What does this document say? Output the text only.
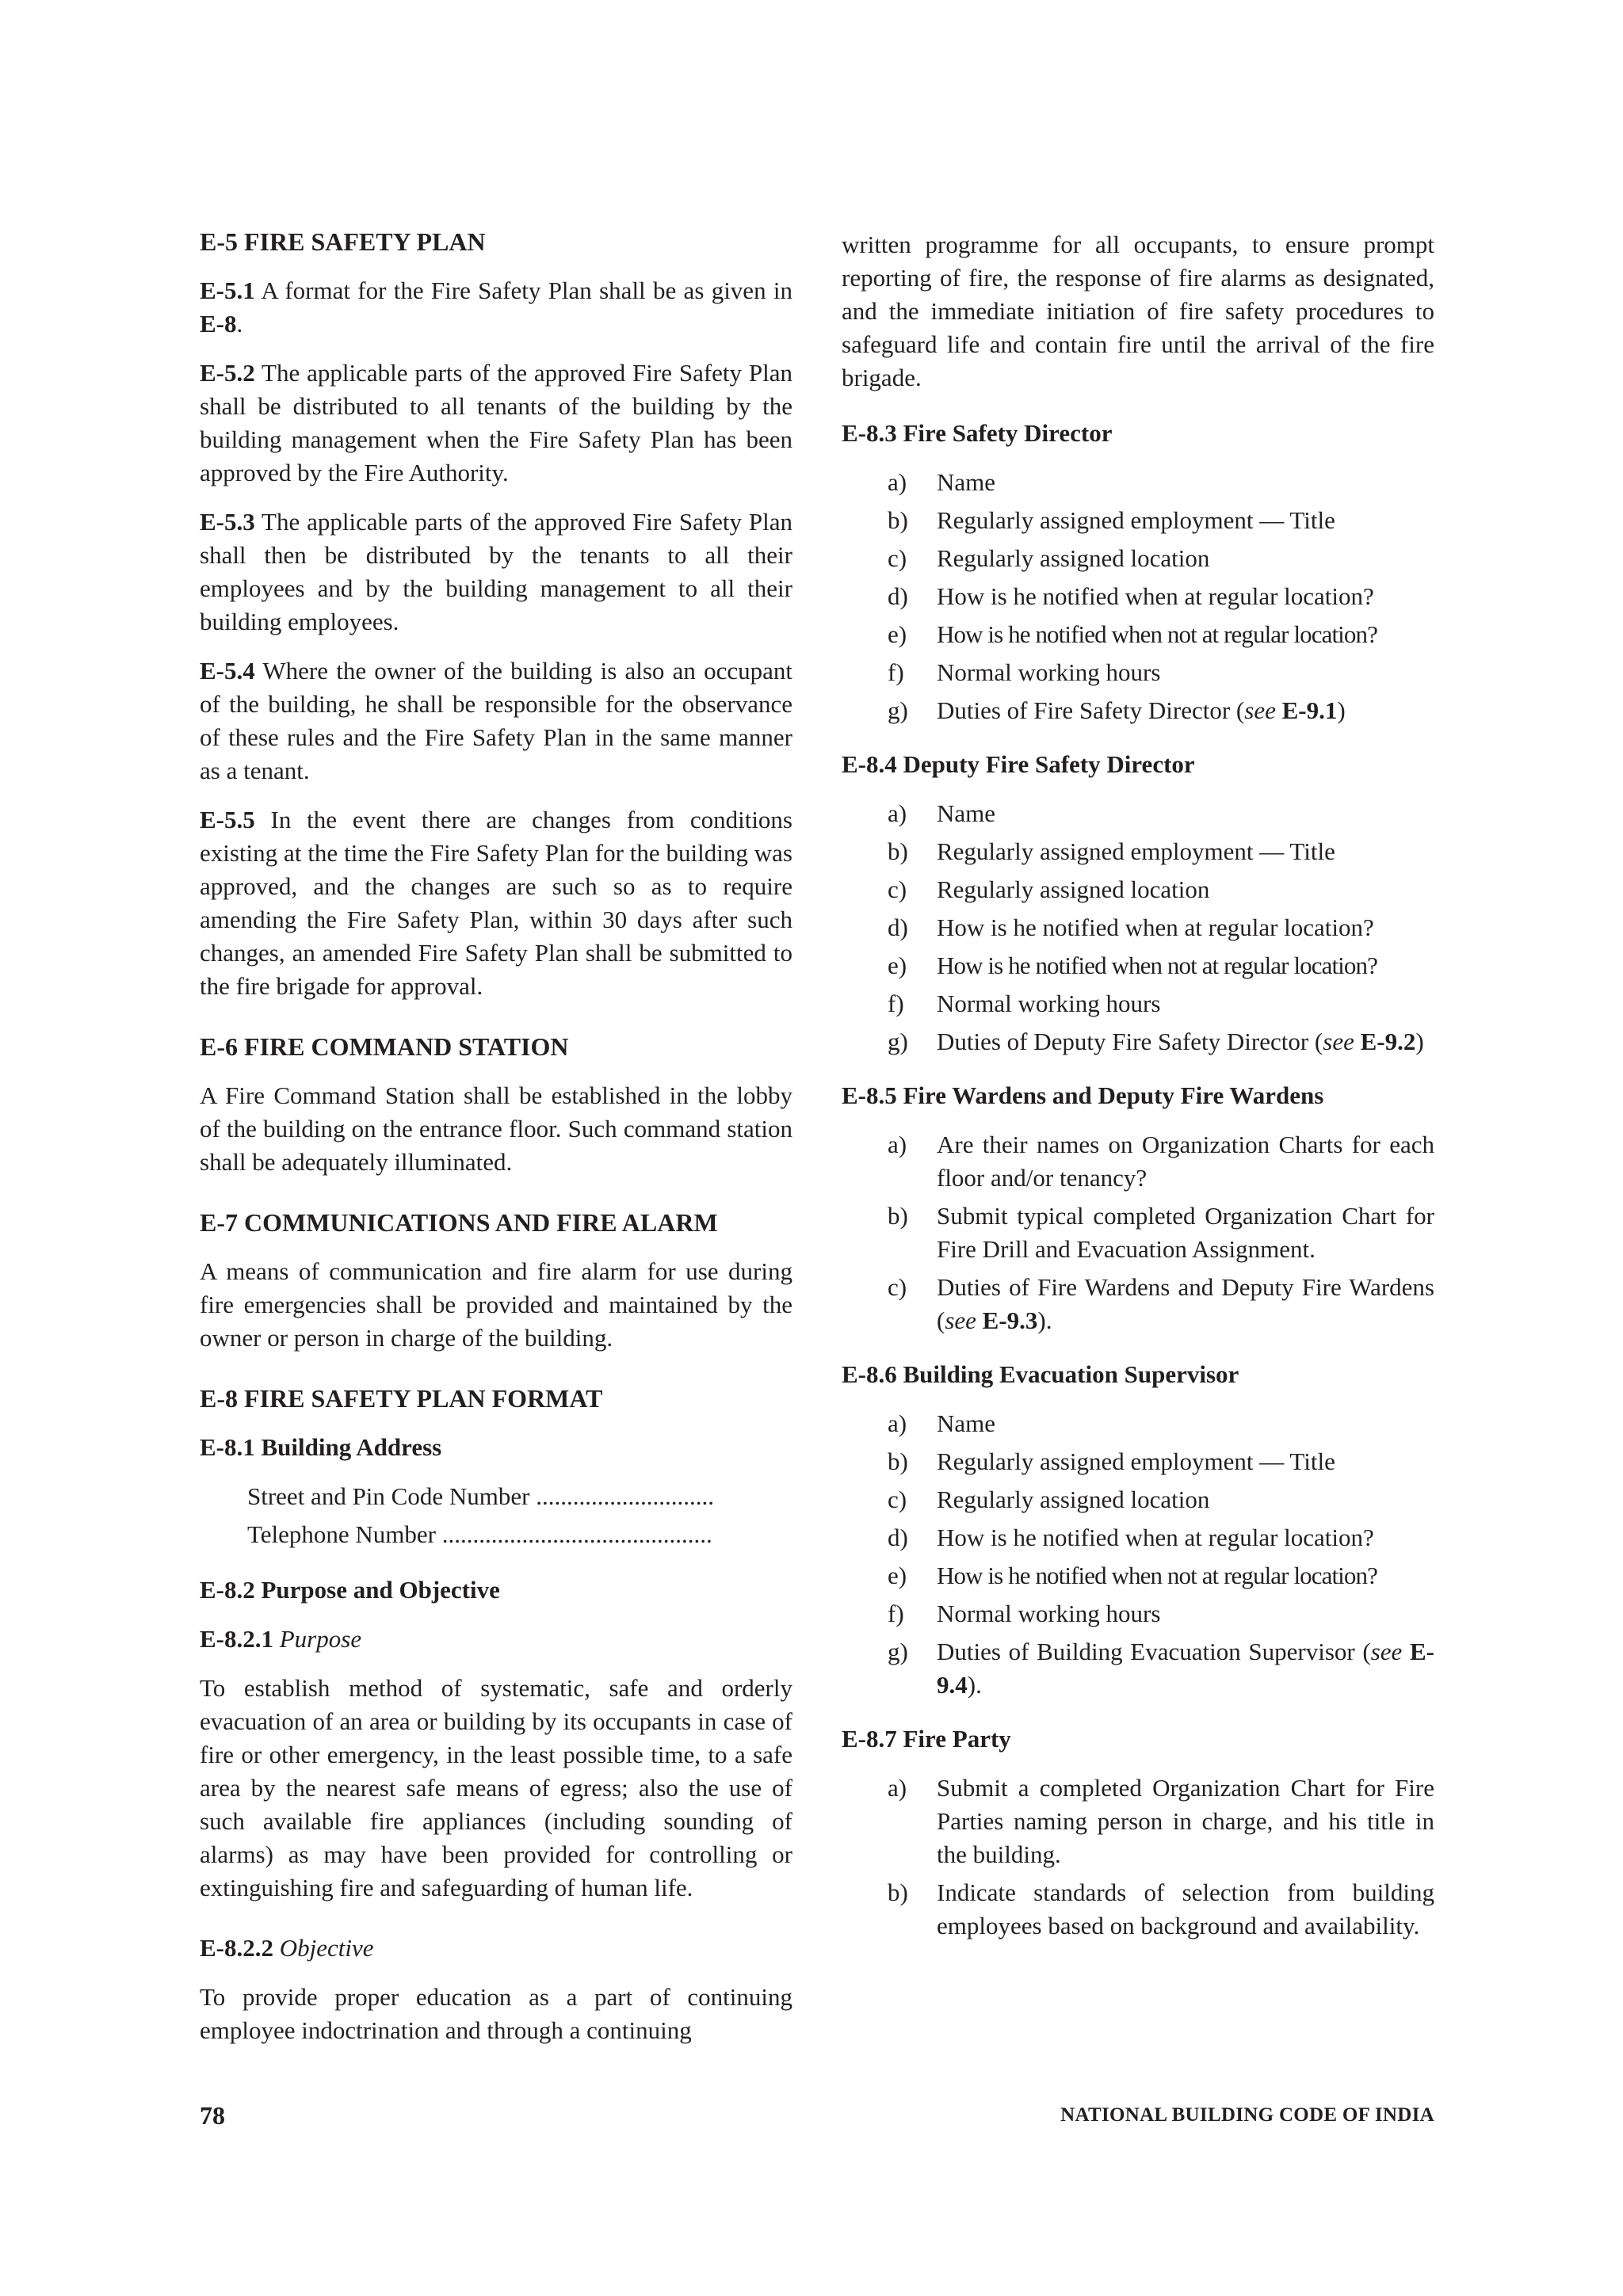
E-5 FIRE SAFETY PLAN

E-5.1 A format for the Fire Safety Plan shall be as given in E-8.

E-5.2 The applicable parts of the approved Fire Safety Plan shall be distributed to all tenants of the building by the building management when the Fire Safety Plan has been approved by the Fire Authority.

E-5.3 The applicable parts of the approved Fire Safety Plan shall then be distributed by the tenants to all their employees and by the building management to all their building employees.

E-5.4 Where the owner of the building is also an occupant of the building, he shall be responsible for the observance of these rules and the Fire Safety Plan in the same manner as a tenant.

E-5.5 In the event there are changes from conditions existing at the time the Fire Safety Plan for the building was approved, and the changes are such so as to require amending the Fire Safety Plan, within 30 days after such changes, an amended Fire Safety Plan shall be submitted to the fire brigade for approval.

E-6 FIRE COMMAND STATION

A Fire Command Station shall be established in the lobby of the building on the entrance floor. Such command station shall be adequately illuminated.

E-7 COMMUNICATIONS AND FIRE ALARM

A means of communication and fire alarm for use during fire emergencies shall be provided and maintained by the owner or person in charge of the building.

E-8 FIRE SAFETY PLAN FORMAT
E-8.1 Building Address
Street and Pin Code Number .............................
Telephone Number ............................................
E-8.2 Purpose and Objective

E-8.2.1 Purpose

To establish method of systematic, safe and orderly evacuation of an area or building by its occupants in case of fire or other emergency, in the least possible time, to a safe area by the nearest safe means of egress; also the use of such available fire appliances (including sounding of alarms) as may have been provided for controlling or extinguishing fire and safeguarding of human life.

E-8.2.2 Objective

To provide proper education as a part of continuing employee indoctrination and through a continuing

written programme for all occupants, to ensure prompt reporting of fire, the response of fire alarms as designated, and the immediate initiation of fire safety procedures to safeguard life and contain fire until the arrival of the fire brigade.

E-8.3 Fire Safety Director
a)	Name
b)	Regularly assigned employment — Title
c)	Regularly assigned location
d)	How is he notified when at regular location?
e)	How is he notified when not at regular location?
f)	Normal working hours
g)	Duties of Fire Safety Director (see E-9.1)
E-8.4 Deputy Fire Safety Director
a)	Name
b)	Regularly assigned employment — Title
c)	Regularly assigned location
d)	How is he notified when at regular location?
e)	How is he notified when not at regular location?
f)	Normal working hours
g)	Duties of Deputy Fire Safety Director (see E-9.2)
E-8.5 Fire Wardens and Deputy Fire Wardens
a)	Are their names on Organization Charts for each floor and/or tenancy?
b)	Submit typical completed Organization Chart for Fire Drill and Evacuation Assignment.
c)	Duties of Fire Wardens and Deputy Fire Wardens (see E-9.3).
E-8.6 Building Evacuation Supervisor
a)	Name
b)	Regularly assigned employment — Title
c)	Regularly assigned location
d)	How is he notified when at regular location?
e)	How is he notified when not at regular location?
f)	Normal working hours
g)	Duties of Building Evacuation Supervisor (see E-9.4).
E-8.7 Fire Party
a)	Submit a completed Organization Chart for Fire Parties naming person in charge, and his title in the building.
b)	Indicate standards of selection from building employees based on background and availability.
78	NATIONAL BUILDING CODE OF INDIA
